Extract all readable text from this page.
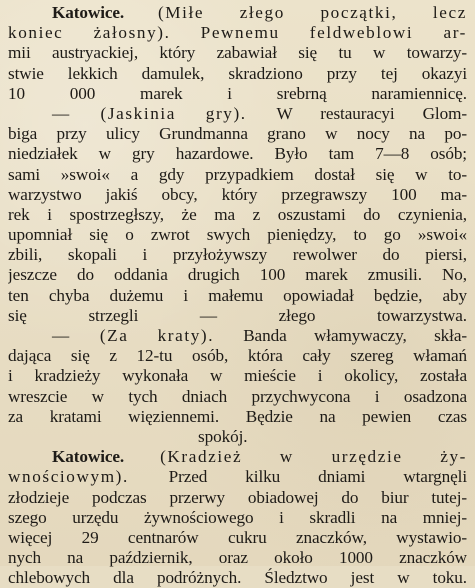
Katowice. (Miłe złego początki, lecz
koniec żałosny). Pewnemu feldweblowi ar-
mii austryackiej, który zabawiał się tu w towarzy-
stwie lekkich damulek, skradziono przy tej okazyi
10 000 marek i srebrną naramiennicę.
— (Jaskinia gry). W restauracyi Glom-
biga przy ulicy Grundmanna grano w nocy na po-
niedziałek w gry hazardowe. Było tam 7—8 osób;
sami »swoi« a gdy przypadkiem dostał się w to-
warzystwo jakiś obcy, który przegrawszy 100 ma-
rek i spostrzegłszy, że ma z oszustami do czynienia,
upomniał się o zwrot swych pieniędzy, to go »swoi«
zbili, skopali i przyłożywszy rewolwer do piersi,
jeszcze do oddania drugich 100 marek zmusili. No,
ten chyba dużemu i małemu opowiadał będzie, aby
się strzegli — złego towarzystwa.
— (Za kraty). Banda włamywaczy, skła-
dająca się z 12-tu osób, która cały szereg włamań
i kradzieży wykonała w mieście i okolicy, została
wreszcie w tych dniach przychwycona i osadzona
za kratami więziennemi. Będzie na pewien czas
spokój.
Katowice. (Kradzież w urzędzie ży-
wnościowym). Przed kilku dniami wtargnęli
złodzieje podczas przerwy obiadowej do biur tutej-
szego urzędu żywnościowego i skradli na mniej-
więcej 29 centnarów cukru znaczków, wystawio-
nych na październik, oraz około 1000 znaczków
chlebowych dla podróżnych. Śledztwo jest w toku.
